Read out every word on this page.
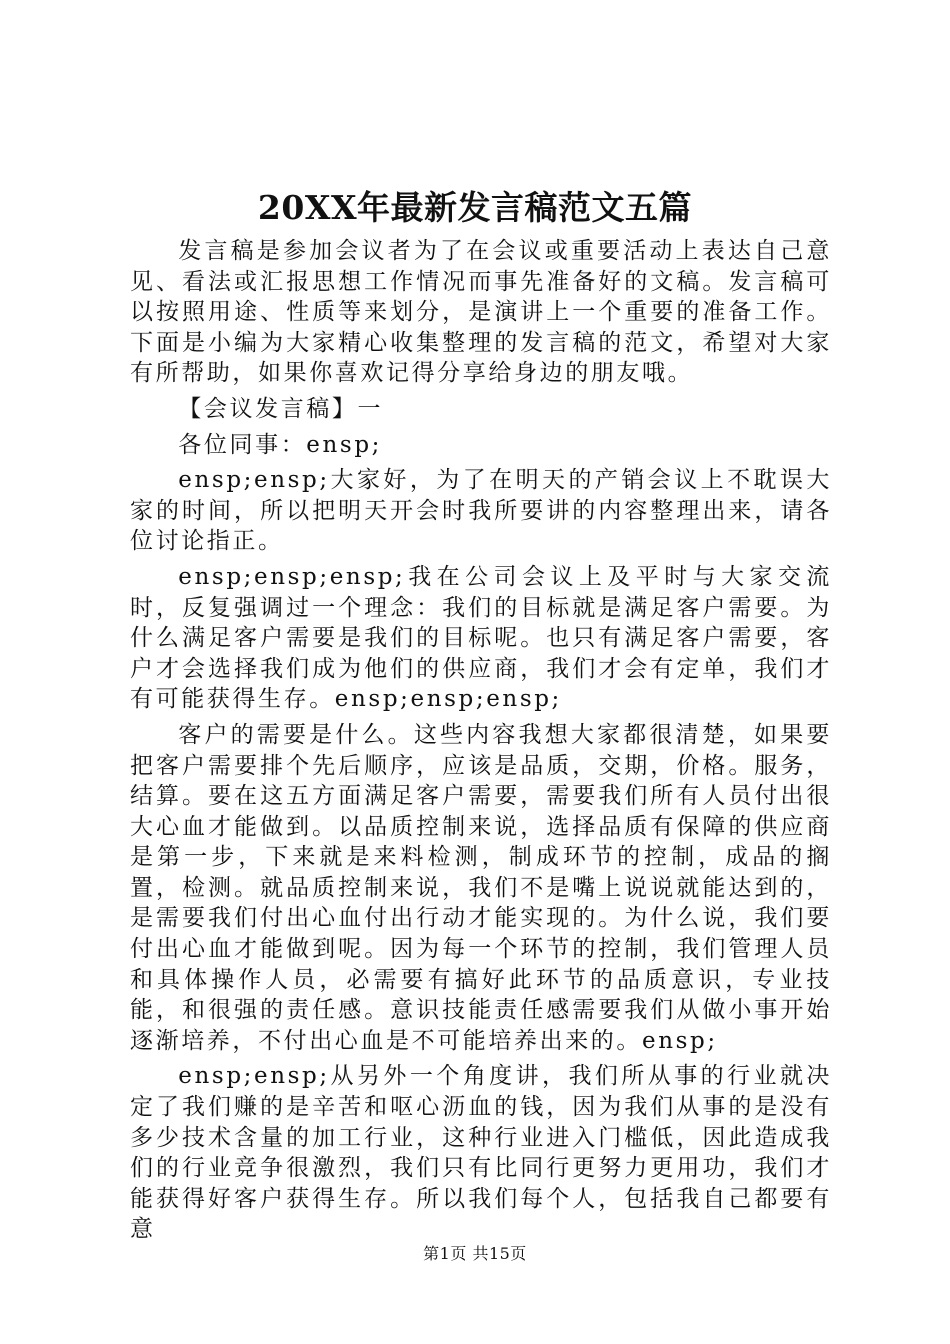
20XX年最新发言稿范文五篇

发言稿是参加会议者为了在会议或重要活动上表达自己意见、看法或汇报思想工作情况而事先准备好的文稿。发言稿可以按照用途、性质等来划分，是演讲上一个重要的准备工作。下面是小编为大家精心收集整理的发言稿的范文，希望对大家有所帮助，如果你喜欢记得分享给身边的朋友哦。

【会议发言稿】一

各位同事：ensp;

ensp;ensp;大家好，为了在明天的产销会议上不耽误大家的时间，所以把明天开会时我所要讲的内容整理出来，请各位讨论指正。

ensp;ensp;ensp;我在公司会议上及平时与大家交流时，反复强调过一个理念：我们的目标就是满足客户需要。为什么满足客户需要是我们的目标呢。也只有满足客户需要，客户才会选择我们成为他们的供应商，我们才会有定单，我们才有可能获得生存。ensp;ensp;ensp;

客户的需要是什么。这些内容我想大家都很清楚，如果要把客户需要排个先后顺序，应该是品质，交期，价格。服务，结算。要在这五方面满足客户需要，需要我们所有人员付出很大心血才能做到。以品质控制来说，选择品质有保障的供应商是第一步，下来就是来料检测，制成环节的控制，成品的搁置，检测。就品质控制来说，我们不是嘴上说说就能达到的，是需要我们付出心血付出行动才能实现的。为什么说，我们要付出心血才能做到呢。因为每一个环节的控制，我们管理人员和具体操作人员，必需要有搞好此环节的品质意识，专业技能，和很强的责任感。意识技能责任感需要我们从做小事开始逐渐培养，不付出心血是不可能培养出来的。ensp;

ensp;ensp;从另外一个角度讲，我们所从事的行业就决定了我们赚的是辛苦和呕心沥血的钱，因为我们从事的是没有多少技术含量的加工行业，这种行业进入门槛低，因此造成我们的行业竞争很激烈，我们只有比同行更努力更用功，我们才能获得好客户获得生存。所以我们每个人，包括我自己都要有意

第1页 共15页
